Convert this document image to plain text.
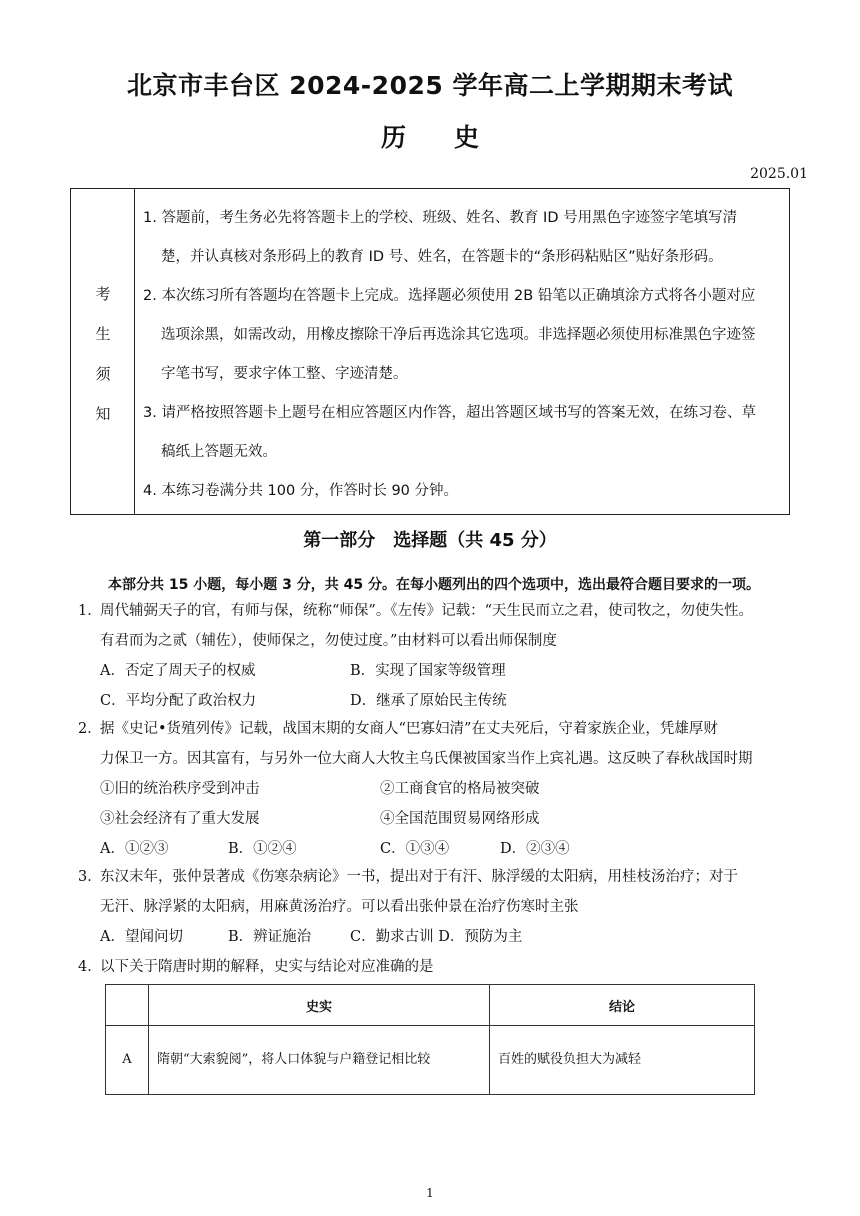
北京市丰台区 2024-2025 学年高二上学期期末考试
历史
2025.01
考
生
须
知
1. 答题前，考生务必先将答题卡上的学校、班级、姓名、教育 ID 号用黑色字迹签字笔填写清
楚，并认真核对条形码上的教育 ID 号、姓名，在答题卡的“条形码粘贴区”贴好条形码。
2. 本次练习所有答题均在答题卡上完成。选择题必须使用 2B 铅笔以正确填涂方式将各小题对应
选项涂黑，如需改动，用橡皮擦除干净后再选涂其它选项。非选择题必须使用标准黑色字迹签
字笔书写，要求字体工整、字迹清楚。
3. 请严格按照答题卡上题号在相应答题区内作答，超出答题区域书写的答案无效，在练习卷、草
稿纸上答题无效。
4. 本练习卷满分共 100 分，作答时长 90 分钟。
第一部分　选择题（共 45 分）
本部分共 15 小题，每小题 3 分，共 45 分。在每小题列出的四个选项中，选出最符合题目要求的一项。
1．周代辅弼天子的官，有师与保，统称“师保”。《左传》记载：“天生民而立之君，使司牧之，勿使失性。
有君而为之贰（辅佐），使师保之，勿使过度。”由材料可以看出师保制度
A．否定了周天子的权威	B．实现了国家等级管理
C．平均分配了政治权力	D．继承了原始民主传统
2．据《史记•货殖列传》记载，战国末期的女商人“巴寡妇清”在丈夫死后，守着家族企业，凭雄厚财
力保卫一方。因其富有，与另外一位大商人大牧主乌氏倮被国家当作上宾礼遇。这反映了春秋战国时期
①旧的统治秩序受到冲击	②工商食官的格局被突破
③社会经济有了重大发展	④全国范围贸易网络形成
A．①②③	B．①②④	C．①③④	D．②③④
3．东汉末年，张仲景著成《伤寒杂病论》一书，提出对于有汗、脉浮缓的太阳病，用桂枝汤治疗；对于
无汗、脉浮紧的太阳病，用麻黄汤治疗。可以看出张仲景在治疗伤寒时主张
A．望闻问切	B．辨证施治	C．勤求古训 D．预防为主
4．以下关于隋唐时期的解释，史实与结论对应准确的是
	史实	结论
A	隋朝“大索貌阅”，将人口体貌与户籍登记相比较	百姓的赋役负担大为减轻
1
